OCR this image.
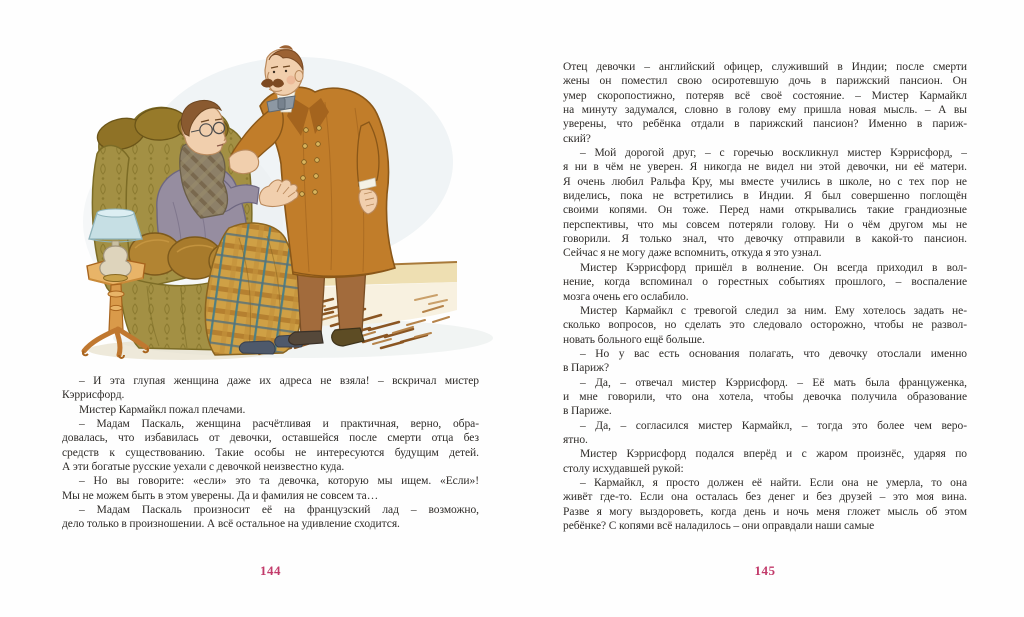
– И эта глупая женщина даже их адреса не взяла! – вскричал мистер
Кэррисфорд.
Мистер Кармайкл пожал плечами.
– Мадам Паскаль, женщина расчётливая и практичная, верно, обра-
довалась, что избавилась от девочки, оставшейся после смерти отца без
средств к существованию. Такие особы не интересуются будущим детей.
А эти богатые русские уехали с девочкой неизвестно куда.
– Но вы говорите: «если» это та девочка, которую мы ищем. «Если»!
Мы не можем быть в этом уверены. Да и фамилия не совсем та…
– Мадам Паскаль произносит её на французский лад – возможно,
дело только в произношении. А всё остальное на удивление сходится.
144
Отец девочки – английский офицер, служивший в Индии; после смерти
жены он поместил свою осиротевшую дочь в парижский пансион. Он
умер скоропостижно, потеряв всё своё состояние. – Мистер Кармайкл
на минуту задумался, словно в голову ему пришла новая мысль. – А вы
уверены, что ребёнка отдали в парижский пансион? Именно в париж-
ский?
– Мой дорогой друг, – с горечью воскликнул мистер Кэррисфорд, –
я ни в чём не уверен. Я никогда не видел ни этой девочки, ни её матери.
Я очень любил Ральфа Кру, мы вместе учились в школе, но с тех пор не
виделись, пока не встретились в Индии. Я был совершенно поглощён
своими копями. Он тоже. Перед нами открывались такие грандиозные
перспективы, что мы совсем потеряли голову. Ни о чём другом мы не
говорили. Я только знал, что девочку отправили в какой-то пансион.
Сейчас я не могу даже вспомнить, откуда я это узнал.
Мистер Кэррисфорд пришёл в волнение. Он всегда приходил в вол-
нение, когда вспоминал о горестных событиях прошлого, – воспаление
мозга очень его ослабило.
Мистер Кармайкл с тревогой следил за ним. Ему хотелось задать не-
сколько вопросов, но сделать это следовало осторожно, чтобы не развол-
новать больного ещё больше.
– Но у вас есть основания полагать, что девочку отослали именно
в Париж?
– Да, – отвечал мистер Кэррисфорд. – Её мать была француженка,
и мне говорили, что она хотела, чтобы девочка получила образование
в Париже.
– Да, – согласился мистер Кармайкл, – тогда это более чем веро-
ятно.
Мистер Кэррисфорд подался вперёд и с жаром произнёс, ударяя по
столу исхудавшей рукой:
– Кармайкл, я просто должен её найти. Если она не умерла, то она
живёт где-то. Если она осталась без денег и без друзей – это моя вина.
Разве я могу выздороветь, когда день и ночь меня гложет мысль об этом
ребёнке? С копями всё наладилось – они оправдали наши самые
145
